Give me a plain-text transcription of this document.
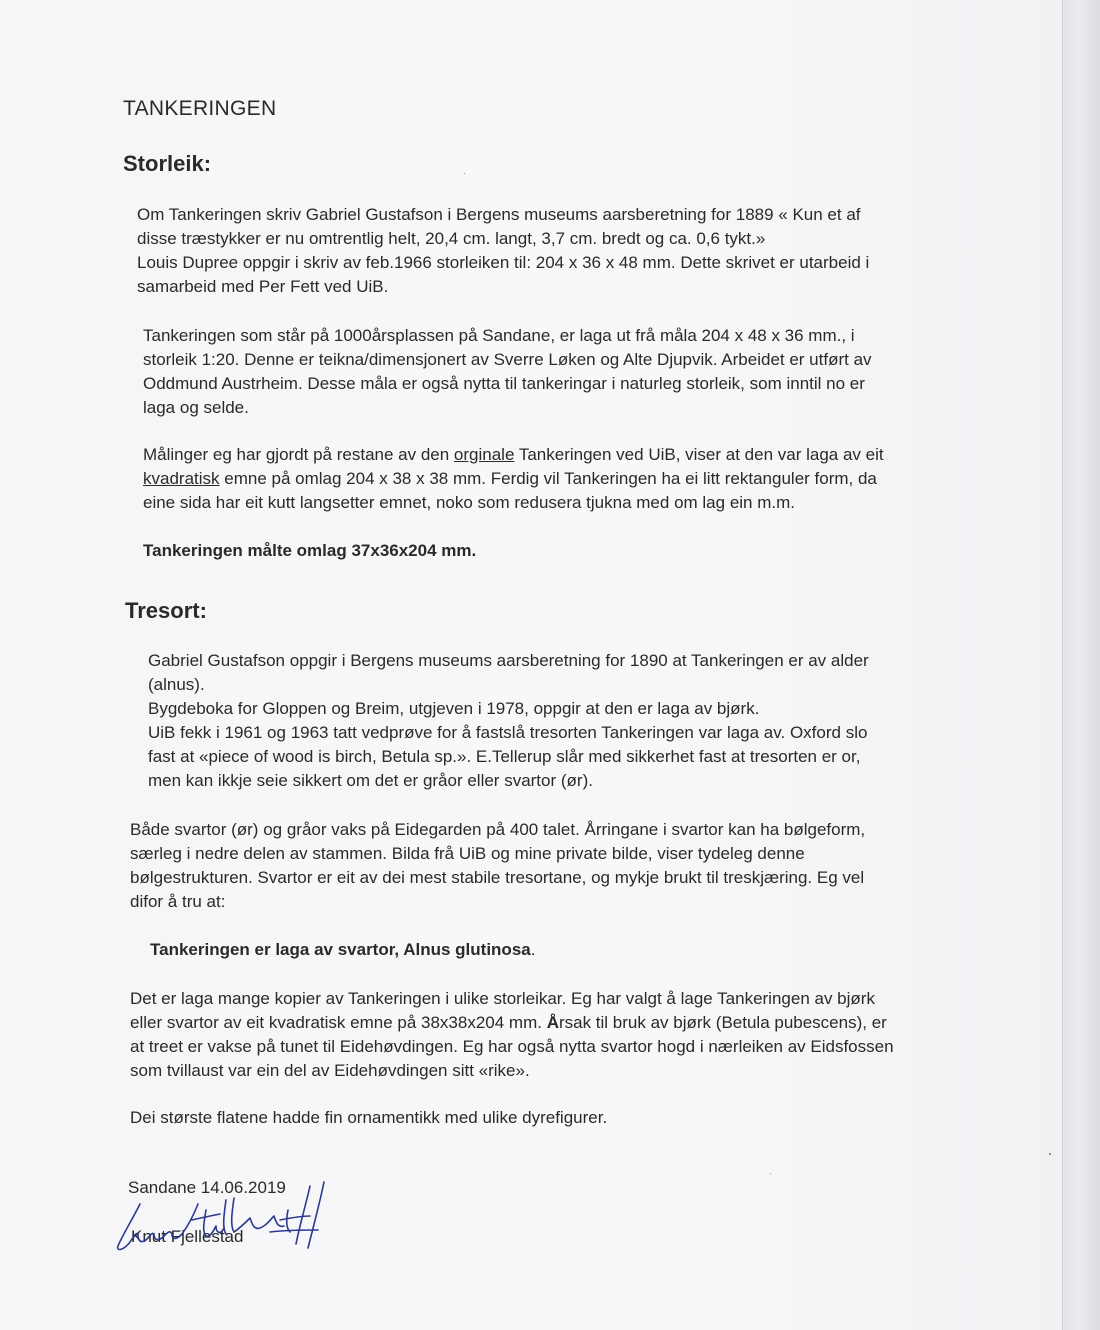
TANKERINGEN
Storleik:

Om Tankeringen skriv Gabriel Gustafson i Bergens museums aarsberetning for 1889 « Kun et af
disse træstykker er nu omtrentlig helt, 20,4 cm. langt, 3,7 cm. bredt og ca. 0,6 tykt.»
Louis Dupree oppgir i skriv av feb.1966 storleiken til: 204 x 36 x 48 mm. Dette skrivet er utarbeid i
samarbeid med Per Fett ved UiB.

Tankeringen som står på 1000årsplassen på Sandane, er laga ut frå måla 204 x 48 x 36 mm., i
storleik 1:20. Denne er teikna/dimensjonert av Sverre Løken og Alte Djupvik. Arbeidet er utført av
Oddmund Austrheim. Desse måla er også nytta til tankeringar i naturleg storleik, som inntil no er
laga og selde.

Målinger eg har gjordt på restane av den orginale Tankeringen ved UiB, viser at den var laga av eit
kvadratisk emne på omlag 204 x 38 x 38 mm. Ferdig vil Tankeringen ha ei litt rektanguler form, da
eine sida har eit kutt langsetter emnet, noko som redusera tjukna med om lag ein m.m.

Tankeringen målte omlag 37x36x204 mm.

Tresort:

Gabriel Gustafson oppgir i Bergens museums aarsberetning for 1890 at Tankeringen er av alder
(alnus).
Bygdeboka for Gloppen og Breim, utgjeven i 1978, oppgir at den er laga av bjørk.
UiB fekk i 1961 og 1963 tatt vedprøve for å fastslå tresorten Tankeringen var laga av. Oxford slo
fast at «piece of wood is birch, Betula sp.». E.Tellerup slår med sikkerhet fast at tresorten er or,
men kan ikkje seie sikkert om det er gråor eller svartor (ør).

Både svartor (ør) og gråor vaks på Eidegarden på 400 talet. Årringane i svartor kan ha bølgeform,
særleg i nedre delen av stammen. Bilda frå UiB og mine private bilde, viser tydeleg denne
bølgestrukturen. Svartor er eit av dei mest stabile tresortane, og mykje brukt til treskjæring. Eg vel
difor å tru at:

Tankeringen er laga av svartor, Alnus glutinosa.

Det er laga mange kopier av Tankeringen i ulike storleikar. Eg har valgt å lage Tankeringen av bjørk
eller svartor av eit kvadratisk emne på 38x38x204 mm. Årsak til bruk av bjørk (Betula pubescens), er
at treet er vakse på tunet til Eidehøvdingen. Eg har også nytta svartor hogd i nærleiken av Eidsfossen
som tvillaust var ein del av Eidehøvdingen sitt «rike».

Dei største flatene hadde fin ornamentikk med ulike dyrefigurer.

Sandane 14.06.2019

Knut Fjellestad
